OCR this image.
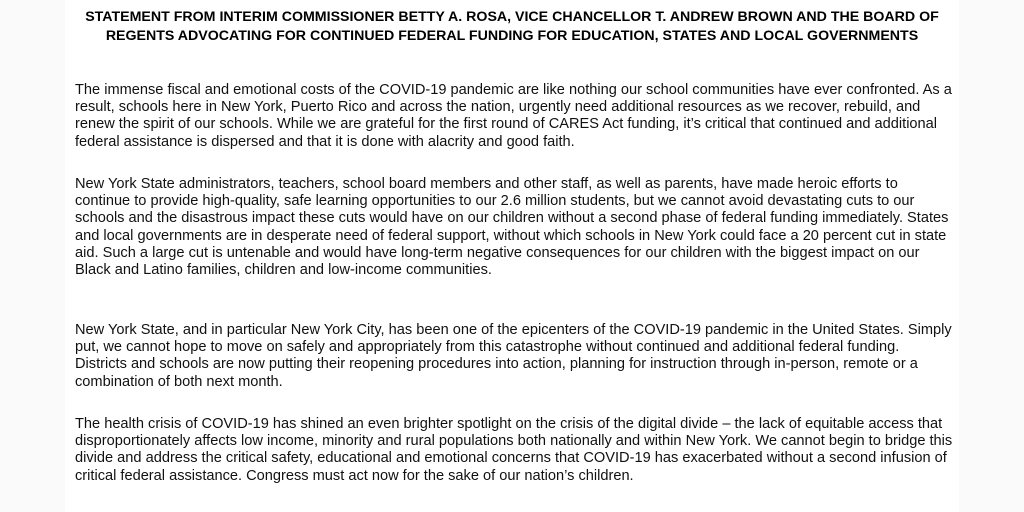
STATEMENT FROM INTERIM COMMISSIONER BETTY A. ROSA, VICE CHANCELLOR T. ANDREW BROWN AND THE BOARD OF REGENTS ADVOCATING FOR CONTINUED FEDERAL FUNDING FOR EDUCATION, STATES AND LOCAL GOVERNMENTS

The immense fiscal and emotional costs of the COVID-19 pandemic are like nothing our school communities have ever confronted. As a result, schools here in New York, Puerto Rico and across the nation, urgently need additional resources as we recover, rebuild, and renew the spirit of our schools. While we are grateful for the first round of CARES Act funding, it’s critical that continued and additional federal assistance is dispersed and that it is done with alacrity and good faith.

New York State administrators, teachers, school board members and other staff, as well as parents, have made heroic efforts to continue to provide high-quality, safe learning opportunities to our 2.6 million students, but we cannot avoid devastating cuts to our schools and the disastrous impact these cuts would have on our children without a second phase of federal funding immediately. States and local governments are in desperate need of federal support, without which schools in New York could face a 20 percent cut in state aid. Such a large cut is untenable and would have long-term negative consequences for our children with the biggest impact on our Black and Latino families, children and low-income communities.

New York State, and in particular New York City, has been one of the epicenters of the COVID-19 pandemic in the United States. Simply put, we cannot hope to move on safely and appropriately from this catastrophe without continued and additional federal funding. Districts and schools are now putting their reopening procedures into action, planning for instruction through in-person, remote or a combination of both next month.

The health crisis of COVID-19 has shined an even brighter spotlight on the crisis of the digital divide – the lack of equitable access that disproportionately affects low income, minority and rural populations both nationally and within New York. We cannot begin to bridge this divide and address the critical safety, educational and emotional concerns that COVID-19 has exacerbated without a second infusion of critical federal assistance. Congress must act now for the sake of our nation’s children.
